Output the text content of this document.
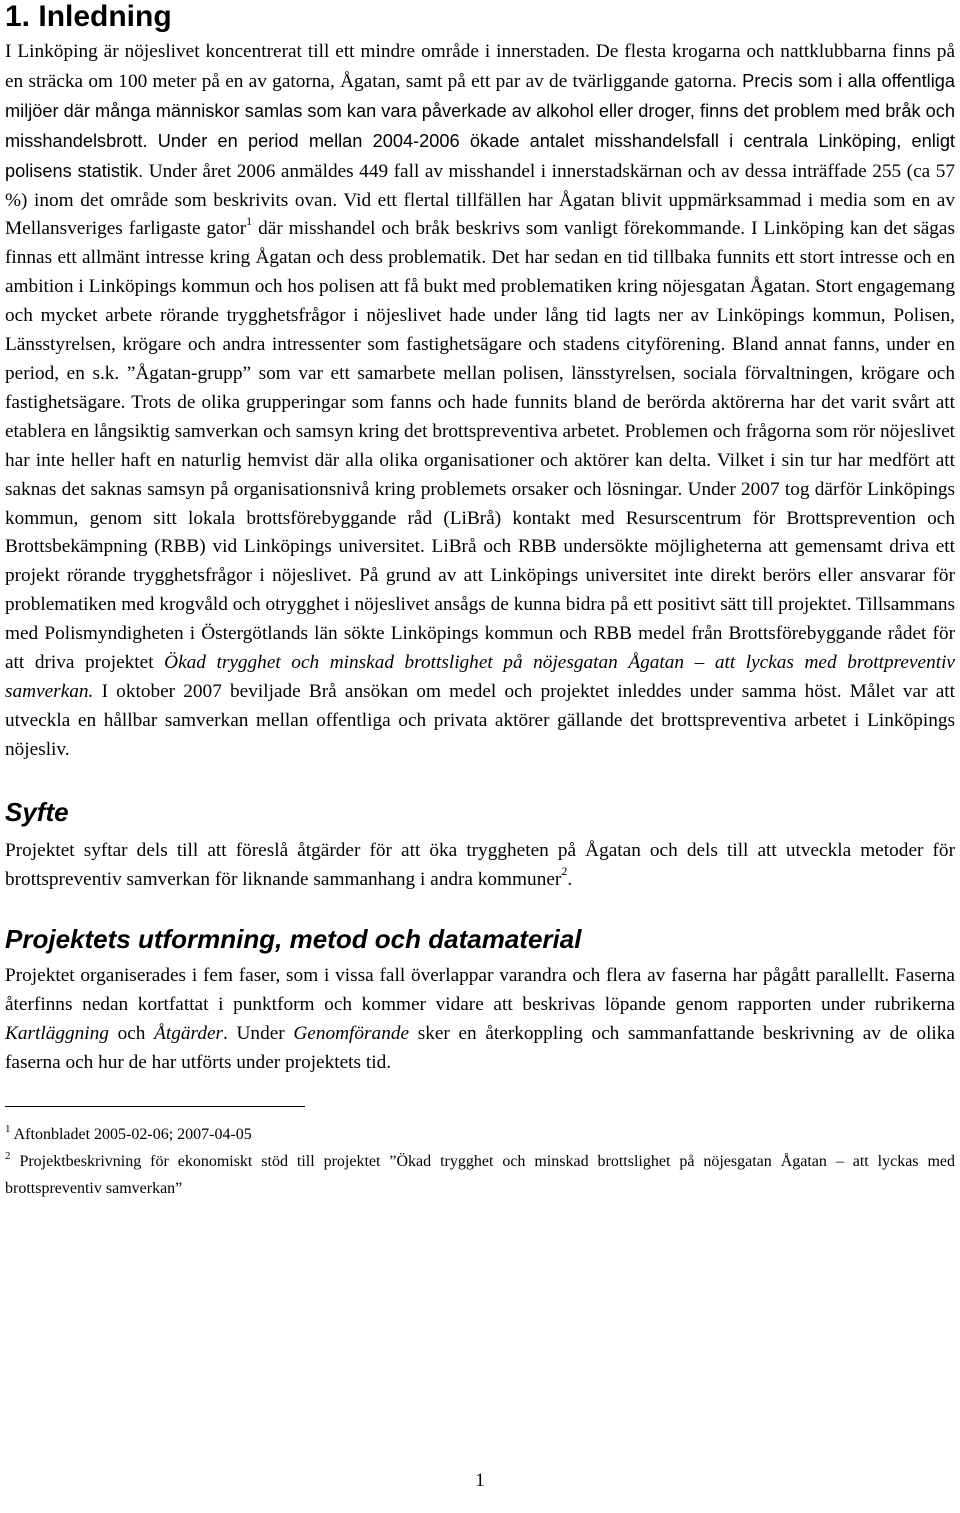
1. Inledning

I Linköping är nöjeslivet koncentrerat till ett mindre område i innerstaden. De flesta krogarna och nattklubbarna finns på en sträcka om 100 meter på en av gatorna, Ågatan, samt på ett par av de tvärliggande gatorna. Precis som i alla offentliga miljöer där många människor samlas som kan vara påverkade av alkohol eller droger, finns det problem med bråk och misshandelsbrott. Under en period mellan 2004-2006 ökade antalet misshandelsfall i centrala Linköping, enligt polisens statistik. Under året 2006 anmäldes 449 fall av misshandel i innerstadskärnan och av dessa inträffade 255 (ca 57 %) inom det område som beskrivits ovan. Vid ett flertal tillfällen har Ågatan blivit uppmärksammad i media som en av Mellansveriges farligaste gator$^1$ där misshandel och bråk beskrivs som vanligt förekommande. I Linköping kan det sägas finnas ett allmänt intresse kring Ågatan och dess problematik. Det har sedan en tid tillbaka funnits ett stort intresse och en ambition i Linköpings kommun och hos polisen att få bukt med problematiken kring nöjesgatan Ågatan. Stort engagemang och mycket arbete rörande trygghetsfrågor i nöjeslivet hade under lång tid lagts ner av Linköpings kommun, Polisen, Länsstyrelsen, krögare och andra intressenter som fastighetsägare och stadens cityförening. Bland annat fanns, under en period, en s.k. ”Ågatan-grupp” som var ett samarbete mellan polisen, länsstyrelsen, sociala förvaltningen, krögare och fastighetsägare. Trots de olika grupperingar som fanns och hade funnits bland de berörda aktörerna har det varit svårt att etablera en långsiktig samverkan och samsyn kring det brottspreventiva arbetet. Problemen och frågorna som rör nöjeslivet har inte heller haft en naturlig hemvist där alla olika organisationer och aktörer kan delta. Vilket i sin tur har medfört att saknas det saknas samsyn på organisationsnivå kring problemets orsaker och lösningar. Under 2007 tog därför Linköpings kommun, genom sitt lokala brottsförebyggande råd (LiBrå) kontakt med Resurscentrum för Brottsprevention och Brottsbekämpning (RBB) vid Linköpings universitet. LiBrå och RBB undersökte möjligheterna att gemensamt driva ett projekt rörande trygghetsfrågor i nöjeslivet. På grund av att Linköpings universitet inte direkt berörs eller ansvarar för problematiken med krogvåld och otrygghet i nöjeslivet ansågs de kunna bidra på ett positivt sätt till projektet. Tillsammans med Polismyndigheten i Östergötlands län sökte Linköpings kommun och RBB medel från Brottsförebyggande rådet för att driva projektet Ökad trygghet och minskad brottslighet på nöjesgatan Ågatan – att lyckas med brottpreventiv samverkan. I oktober 2007 beviljade Brå ansökan om medel och projektet inleddes under samma höst. Målet var att utveckla en hållbar samverkan mellan offentliga och privata aktörer gällande det brottspreventiva arbetet i Linköpings nöjesliv.

Syfte

Projektet syftar dels till att föreslå åtgärder för att öka tryggheten på Ågatan och dels till att utveckla metoder för brottspreventiv samverkan för liknande sammanhang i andra kommuner$^2$.

Projektets utformning, metod och datamaterial

Projektet organiserades i fem faser, som i vissa fall överlappar varandra och flera av faserna har pågått parallellt. Faserna återfinns nedan kortfattat i punktform och kommer vidare att beskrivas löpande genom rapporten under rubrikerna Kartläggning och Åtgärder. Under Genomförande sker en återkoppling och sammanfattande beskrivning av de olika faserna och hur de har utförts under projektets tid.

$^1$ Aftonbladet 2005-02-06; 2007-04-05

$^2$ Projektbeskrivning för ekonomiskt stöd till projektet ”Ökad trygghet och minskad brottslighet på nöjesgatan Ågatan – att lyckas med brottspreventiv samverkan”

1
